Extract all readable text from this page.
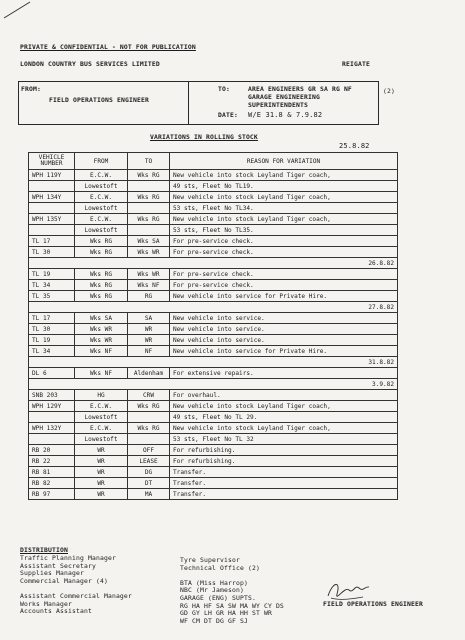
PRIVATE & CONFIDENTIAL - NOT FOR PUBLICATION
LONDON COUNTRY BUS SERVICES LIMITED	REIGATE
FROM:
FIELD OPERATIONS ENGINEER
TO:	AREA ENGINEERS GR SA RG NF
GARAGE ENGINEERING
SUPERINTENDENTS
DATE: W/E 31.8 & 7.9.82
(2)
VARIATIONS IN ROLLING STOCK
25.8.82
VEHICLE
NUMBER	FROM	TO	REASON FOR VARIATION
WPH 119Y	E.C.W.	Wks RG	New vehicle into stock Leyland Tiger coach,
	Lowestoft		49 sts, Fleet No TL19.
WPH 134Y	E.C.W.	Wks RG	New vehicle into stock Leyland Tiger coach,
	Lowestoft		53 sts, Fleet No TL34.
WPH 135Y	E.C.W.	Wks RG	New vehicle into stock Leyland Tiger coach,
	Lowestoft		53 sts, Fleet No TL35.
TL 17	Wks RG	Wks SA	For pre-service check.
TL 30	Wks RG	Wks WR	For pre-service check.
			26.8.82
TL 19	Wks RG	Wks WR	For pre-service check.
TL 34	Wks RG	Wks NF	For pre-service check.
TL 35	Wks RG	RG	New vehicle into service for Private Hire.
			27.8.82
TL 17	Wks SA	SA	New vehicle into service.
TL 30	Wks WR	WR	New vehicle into service.
TL 19	Wks WR	WR	New vehicle into service.
TL 34	Wks NF	NF	New vehicle into service for Private Hire.
			31.8.82
DL 6	Wks NF	Aldenham	For extensive repairs.
			3.9.82
SNB 203	HG	CRW	For overhaul.
WPH 129Y	E.C.W.	Wks RG	New vehicle into stock Leyland Tiger coach,
	Lowestoft		49 sts, Fleet No TL 29.
WPH 132Y	E.C.W.	Wks RG	New vehicle into stock Leyland Tiger coach,
	Lowestoft		53 sts, Fleet No TL 32
RB 20	WR	OFF	For refurbishing.
RB 22	WR	LEASE	For refurbishing.
RB 81	WR	DG	Transfer.
RB 82	WR	DT	Transfer.
RB 97	WR	MA	Transfer.
DISTRIBUTION
FIELD OPERATIONS ENGINEER
Traffic Planning Manager
Assistant Secretary
Supplies Manager
Commercial Manager (4)
Assistant Commercial Manager
Works Manager
Accounts Assistant
Tyre Supervisor
Technical Office (2)
BTA (Miss Harrop)
NBC (Mr Jameson)
GARAGE (ENG) SUPTS.
RG HA HF SA SW MA WY CY DS
GD GY LH GR HA HH ST WR
WF CM DT DG GF SJ
